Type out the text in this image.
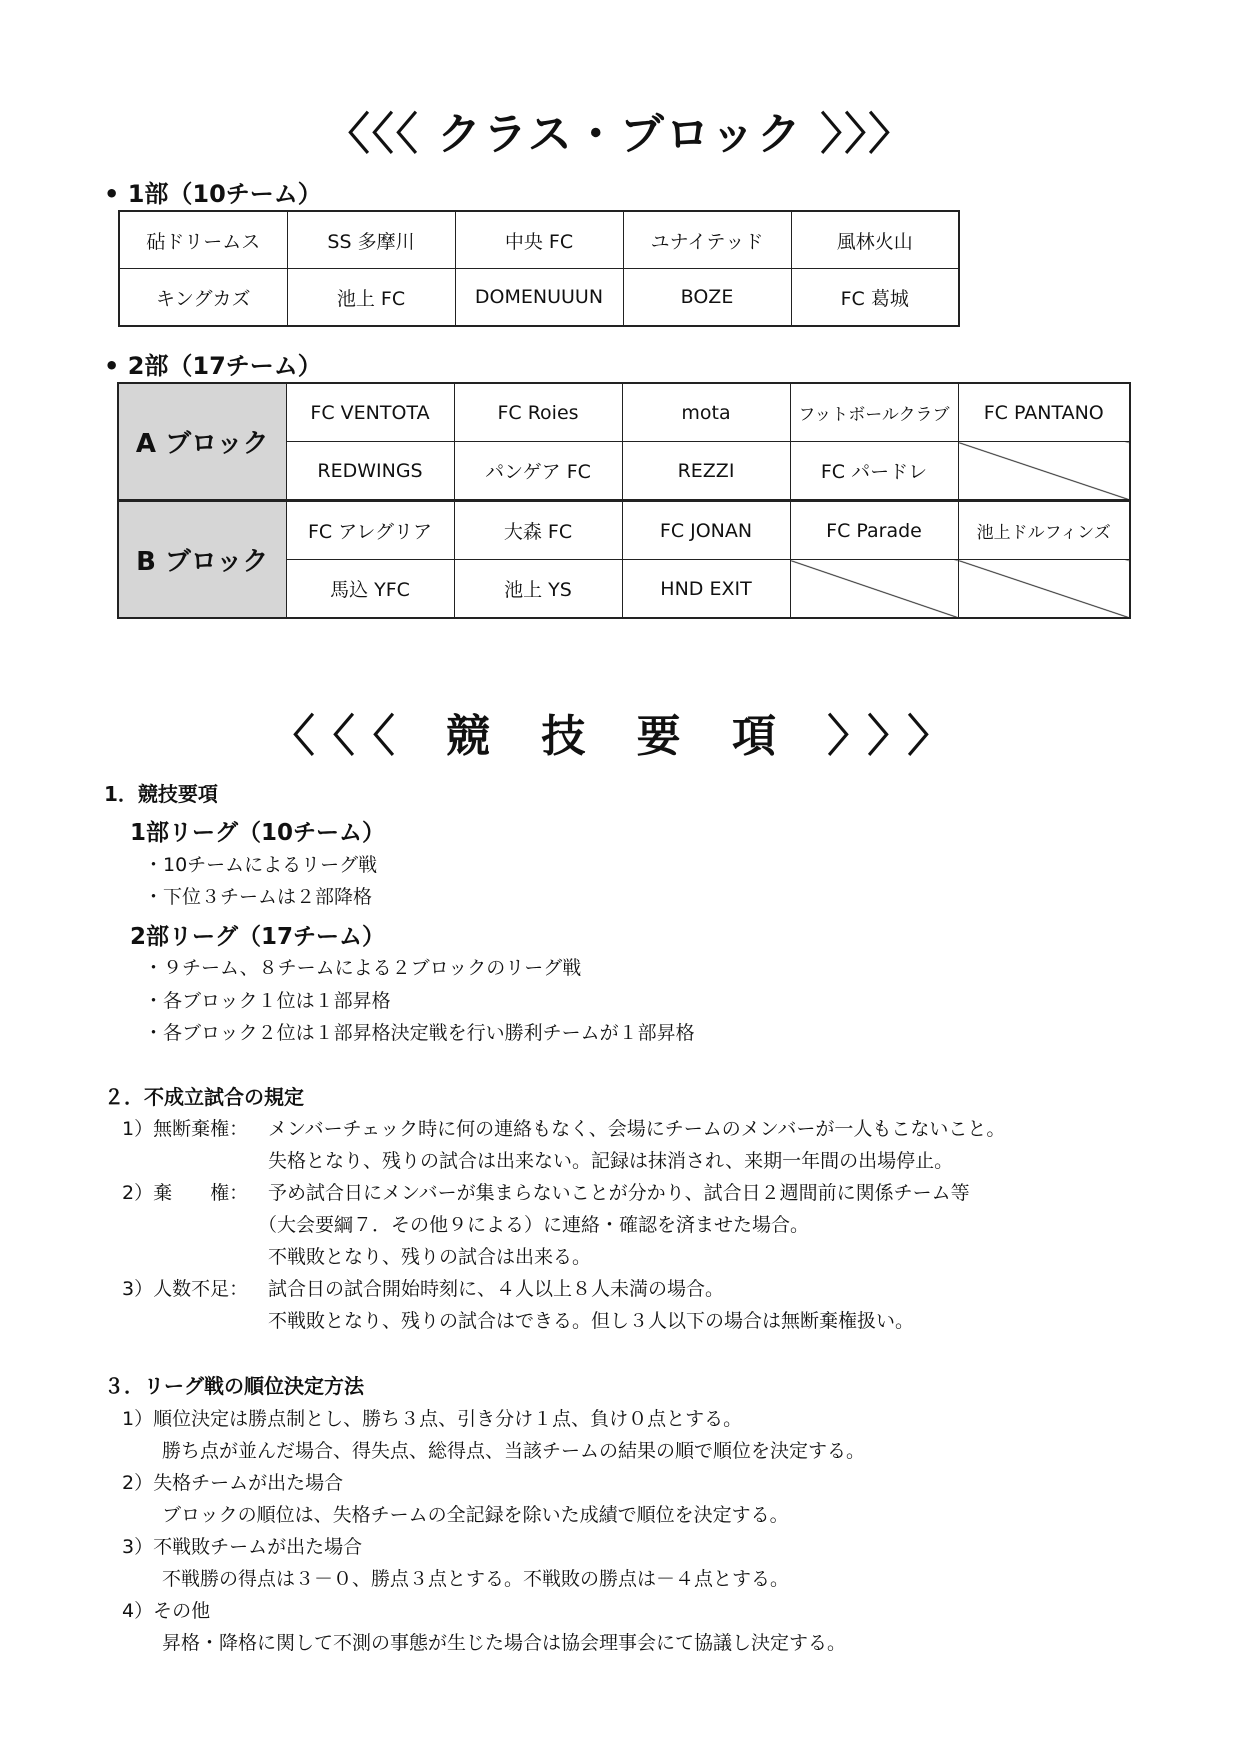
〈〈〈 クラス・ブロック 〉〉〉
• 1部（10チーム）
砧ドリームス	SS 多摩川	中央 FC	ユナイテッド	風林火山
キングカズ	池上 FC	DOMENUUUN	BOZE	FC 葛城
• 2部（17チーム）
A ブロック	FC VENTOTA	FC Roies	mota	フットボールクラブ	FC PANTANO
	REDWINGS	パンゲア FC	REZZI	FC パードレ	
B ブロック	FC アレグリア	大森 FC	FC JONAN	FC Parade	池上ドルフィンズ
	馬込 YFC	池上 YS	HND EXIT		
〈〈〈 競 技 要 項 〉〉〉
1．競技要項
1部リーグ（10チーム）
・10チームによるリーグ戦
・下位３チームは２部降格
2部リーグ（17チーム）
・９チーム、８チームによる２ブロックのリーグ戦
・各ブロック１位は１部昇格
・各ブロック２位は１部昇格決定戦を行い勝利チームが１部昇格
２．不成立試合の規定
1）無断棄権： メンバーチェック時に何の連絡もなく、会場にチームのメンバーが一人もこないこと。
失格となり、残りの試合は出来ない。記録は抹消され、来期一年間の出場停止。
2）棄　　権： 予め試合日にメンバーが集まらないことが分かり、試合日２週間前に関係チーム等
（大会要綱７．その他９による）に連絡・確認を済ませた場合。
不戦敗となり、残りの試合は出来る。
3）人数不足： 試合日の試合開始時刻に、４人以上８人未満の場合。
不戦敗となり、残りの試合はできる。但し３人以下の場合は無断棄権扱い。
３．リーグ戦の順位決定方法
1）順位決定は勝点制とし、勝ち３点、引き分け１点、負け０点とする。
勝ち点が並んだ場合、得失点、総得点、当該チームの結果の順で順位を決定する。
2）失格チームが出た場合
ブロックの順位は、失格チームの全記録を除いた成績で順位を決定する。
3）不戦敗チームが出た場合
不戦勝の得点は３－０、勝点３点とする。不戦敗の勝点は－４点とする。
4）その他
昇格・降格に関して不測の事態が生じた場合は協会理事会にて協議し決定する。
